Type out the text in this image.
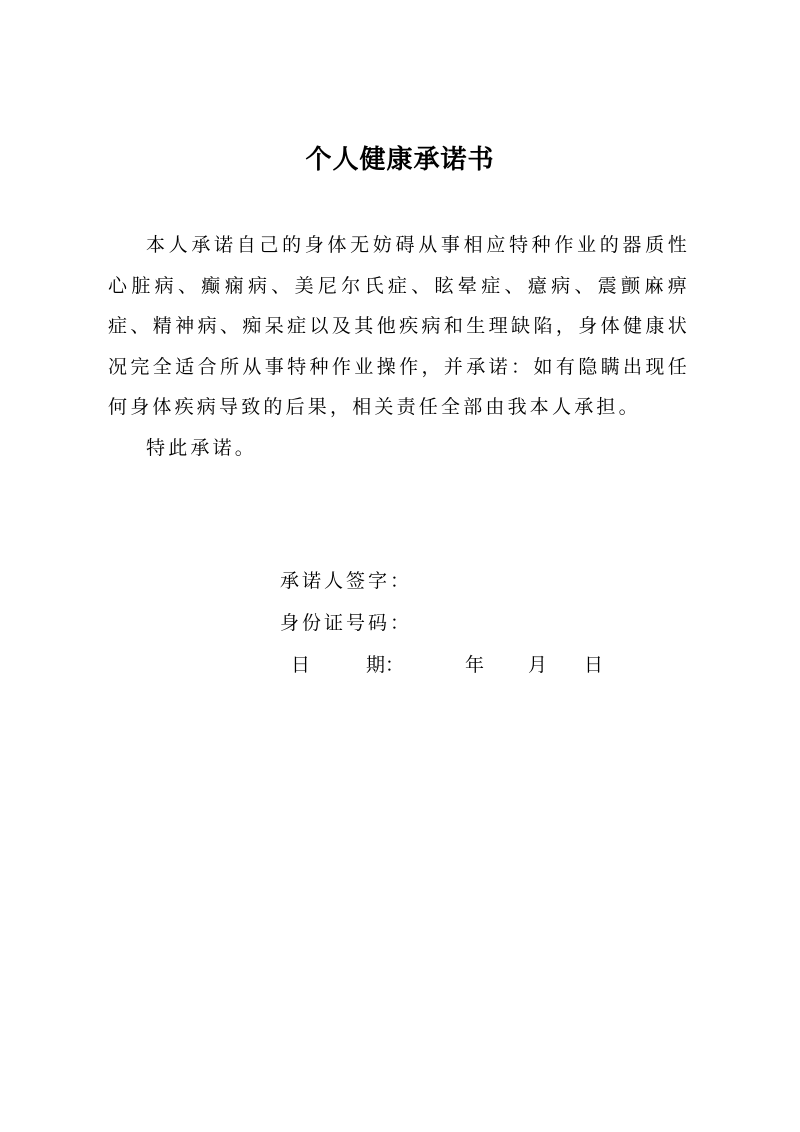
个人健康承诺书

本人承诺自己的身体无妨碍从事相应特种作业的器质性心脏病、癫痫病、美尼尔氏症、眩晕症、癔病、震颤麻痹症、精神病、痴呆症以及其他疾病和生理缺陷，身体健康状况完全适合所从事特种作业操作，并承诺：如有隐瞒出现任何身体疾病导致的后果，相关责任全部由我本人承担。

特此承诺。

承诺人签字：
身份证号码：
日	期：	年 月 日
